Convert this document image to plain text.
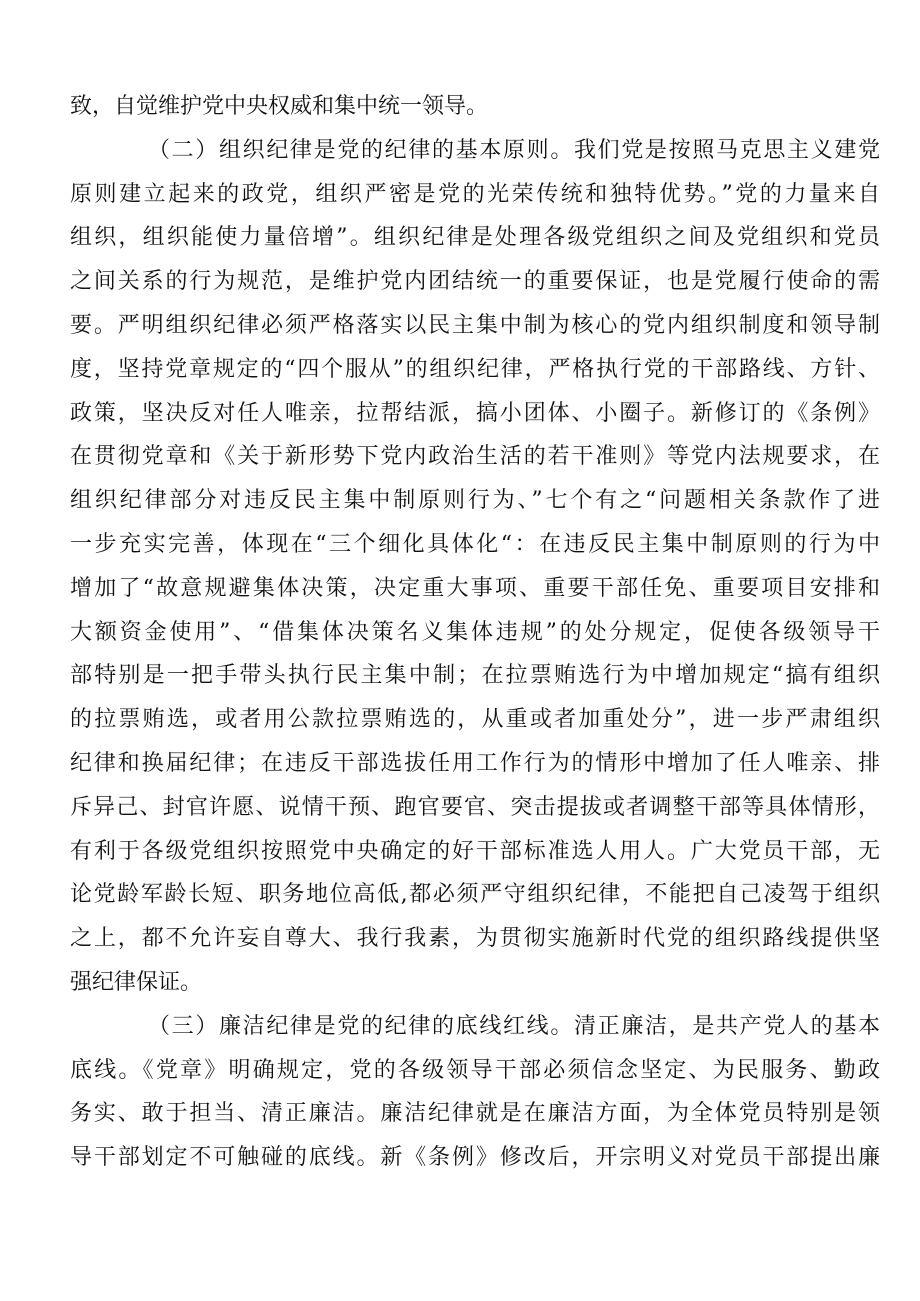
致，自觉维护党中央权威和集中统一领导。
（二）组织纪律是党的纪律的基本原则。我们党是按照马克思主义建党
原则建立起来的政党，组织严密是党的光荣传统和独特优势。”党的力量来自
组织，组织能使力量倍增”。组织纪律是处理各级党组织之间及党组织和党员
之间关系的行为规范，是维护党内团结统一的重要保证，也是党履行使命的需
要。严明组织纪律必须严格落实以民主集中制为核心的党内组织制度和领导制
度，坚持党章规定的“四个服从”的组织纪律，严格执行党的干部路线、方针、
政策，坚决反对任人唯亲，拉帮结派，搞小团体、小圈子。新修订的《条例》
在贯彻党章和《关于新形势下党内政治生活的若干准则》等党内法规要求，在
组织纪律部分对违反民主集中制原则行为、”七个有之“问题相关条款作了进
一步充实完善，体现在“三个细化具体化“：在违反民主集中制原则的行为中
增加了“故意规避集体决策，决定重大事项、重要干部任免、重要项目安排和
大额资金使用”、“借集体决策名义集体违规”的处分规定，促使各级领导干
部特别是一把手带头执行民主集中制；在拉票贿选行为中增加规定“搞有组织
的拉票贿选，或者用公款拉票贿选的，从重或者加重处分”，进一步严肃组织
纪律和换届纪律；在违反干部选拔任用工作行为的情形中增加了任人唯亲、排
斥异己、封官许愿、说情干预、跑官要官、突击提拔或者调整干部等具体情形，
有利于各级党组织按照党中央确定的好干部标准选人用人。广大党员干部，无
论党龄军龄长短、职务地位高低,都必须严守组织纪律，不能把自己凌驾于组织
之上，都不允许妄自尊大、我行我素，为贯彻实施新时代党的组织路线提供坚
强纪律保证。
（三）廉洁纪律是党的纪律的底线红线。清正廉洁，是共产党人的基本
底线。《党章》明确规定，党的各级领导干部必须信念坚定、为民服务、勤政
务实、敢于担当、清正廉洁。廉洁纪律就是在廉洁方面，为全体党员特别是领
导干部划定不可触碰的底线。新《条例》修改后，开宗明义对党员干部提出廉
